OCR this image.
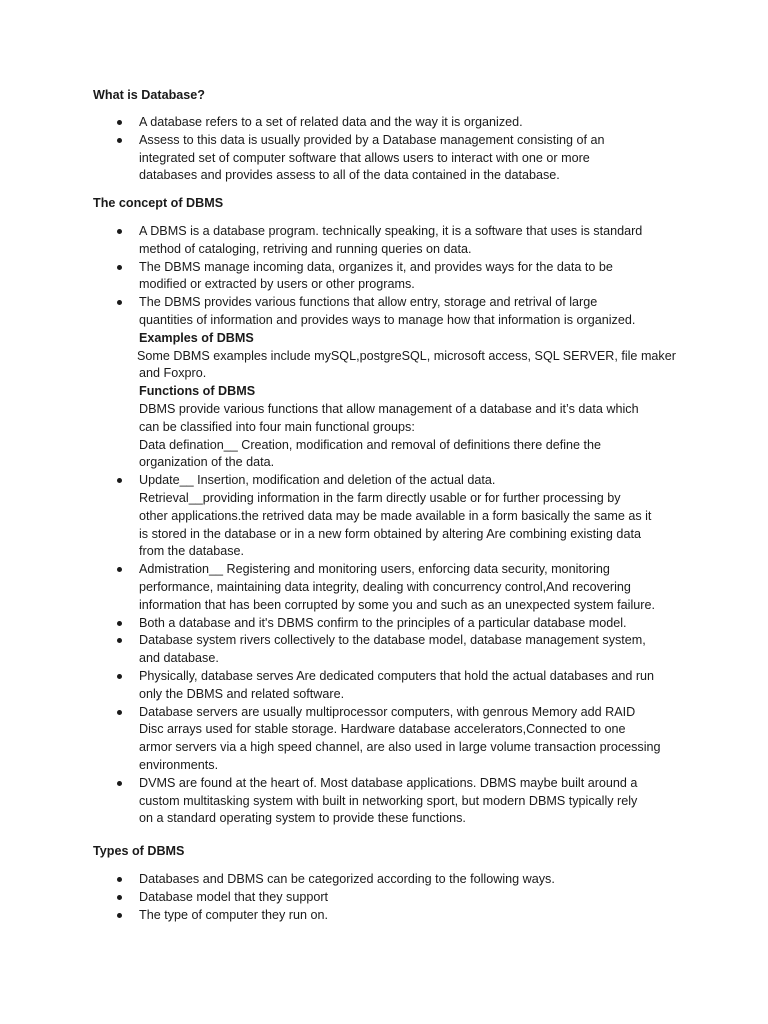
What is Database?
A database refers to a set of related data and the way it is organized.
Assess to this data is usually provided by a Database management consisting of an
integrated set of computer software that allows users to interact with one or more
databases and provides assess to all of the data contained in the database.
The concept of DBMS
A DBMS is a database program. technically speaking, it is a software that uses is standard
method of cataloging, retriving and running queries on data.
The DBMS manage incoming data, organizes it, and provides ways for the data to be
modified or extracted by users or other programs.
The DBMS provides various functions that allow entry, storage and retrival of large
quantities of information and provides ways to manage how that information is organized.
Examples of DBMS
Some DBMS examples include mySQL,postgreSQL, microsoft access, SQL SERVER, file maker
and Foxpro.
Functions of DBMS
DBMS provide various functions that allow management of a database and it’s data which
can be classified into four main functional groups:
Data defination__ Creation, modification and removal of definitions there define the
organization of the data.
Update__ Insertion, modification and deletion of the actual data.
Retrieval__providing information in the farm directly usable or for further processing by
other applications.the retrived data may be made available in a form basically the same as it
is stored in the database or in a new form obtained by altering Are combining existing data
from the database.
Admistration__ Registering and monitoring users, enforcing data security, monitoring
performance, maintaining data integrity, dealing with concurrency control,And recovering
information that has been corrupted by some you and such as an unexpected system failure.
Both a database and it's DBMS confirm to the principles of a particular database model.
Database system rivers collectively to the database model, database management system,
and database.
Physically, database serves Are dedicated computers that hold the actual databases and run
only the DBMS and related software.
Database servers are usually multiprocessor computers, with genrous Memory add RAID
Disc arrays used for stable storage. Hardware database accelerators,Connected to one
armor servers via a high speed channel, are also used in large volume transaction processing
environments.
DVMS are found at the heart of. Most database applications. DBMS maybe built around a
custom multitasking system with built in networking sport, but modern DBMS typically rely
on a standard operating system to provide these functions.
Types of DBMS
Databases and DBMS can be categorized according to the following ways.
Database model that they support
The type of computer they run on.
